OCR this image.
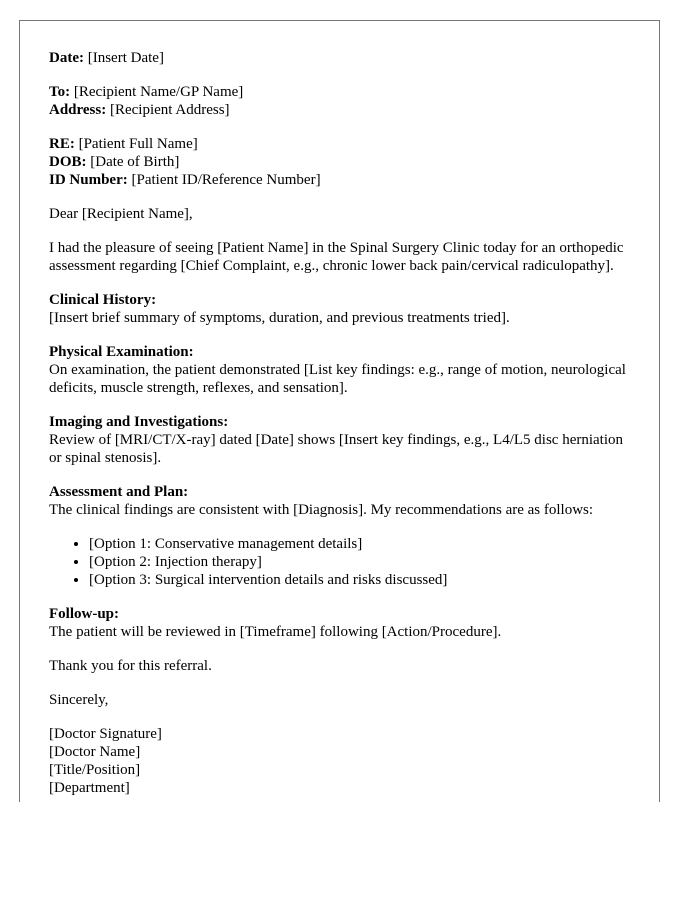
Date: [Insert Date]

To: [Recipient Name/GP Name]
Address: [Recipient Address]

RE: [Patient Full Name]
DOB: [Date of Birth]
ID Number: [Patient ID/Reference Number]

Dear [Recipient Name],

I had the pleasure of seeing [Patient Name] in the Spinal Surgery Clinic today for an orthopedic assessment regarding [Chief Complaint, e.g., chronic lower back pain/cervical radiculopathy].

Clinical History:
[Insert brief summary of symptoms, duration, and previous treatments tried].

Physical Examination:
On examination, the patient demonstrated [List key findings: e.g., range of motion, neurological deficits, muscle strength, reflexes, and sensation].

Imaging and Investigations:
Review of [MRI/CT/X-ray] dated [Date] shows [Insert key findings, e.g., L4/L5 disc herniation or spinal stenosis].

Assessment and Plan:
The clinical findings are consistent with [Diagnosis]. My recommendations are as follows:

• [Option 1: Conservative management details]
• [Option 2: Injection therapy]
• [Option 3: Surgical intervention details and risks discussed]

Follow-up:
The patient will be reviewed in [Timeframe] following [Action/Procedure].

Thank you for this referral.

Sincerely,

[Doctor Signature]
[Doctor Name]
[Title/Position]
[Department]
